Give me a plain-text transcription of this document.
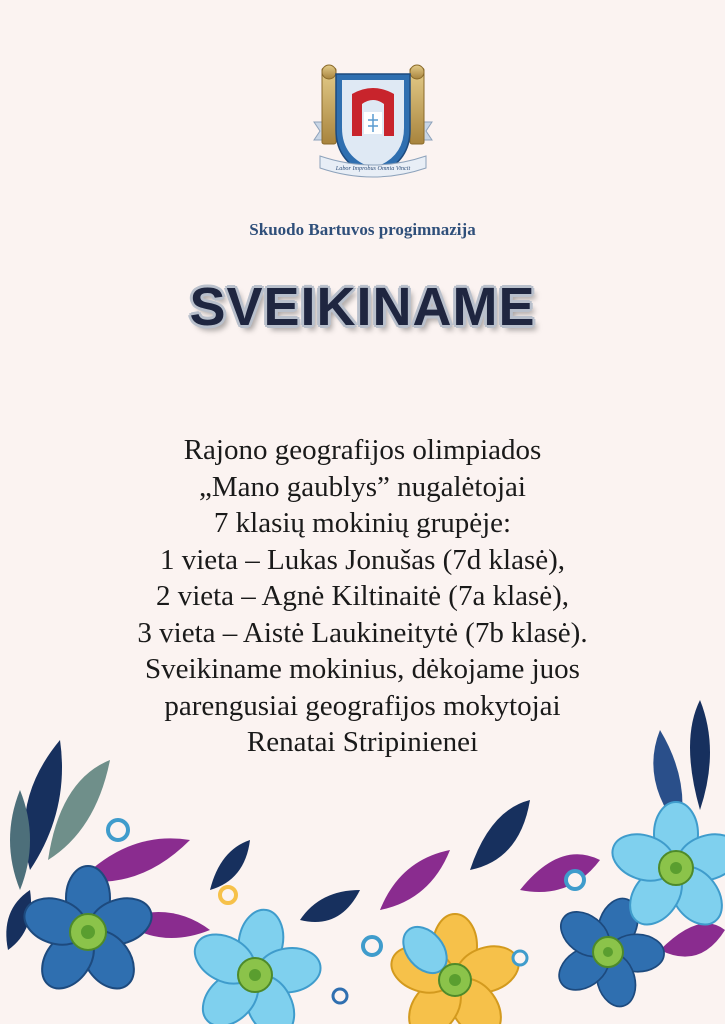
Labor Improbus Omnia Vincit
Skuodo Bartuvos progimnazija
SVEIKINAME
Rajono geografijos olimpiados
„Mano gaublys” nugalėtojai
7 klasių mokinių grupėje:
1 vieta – Lukas Jonušas (7d klasė),
2 vieta – Agnė Kiltinaitė (7a klasė),
3 vieta – Aistė Laukineitytė (7b klasė).
Sveikiname mokinius, dėkojame juos
parengusiai geografijos mokytojai
Renatai Stripinienei
